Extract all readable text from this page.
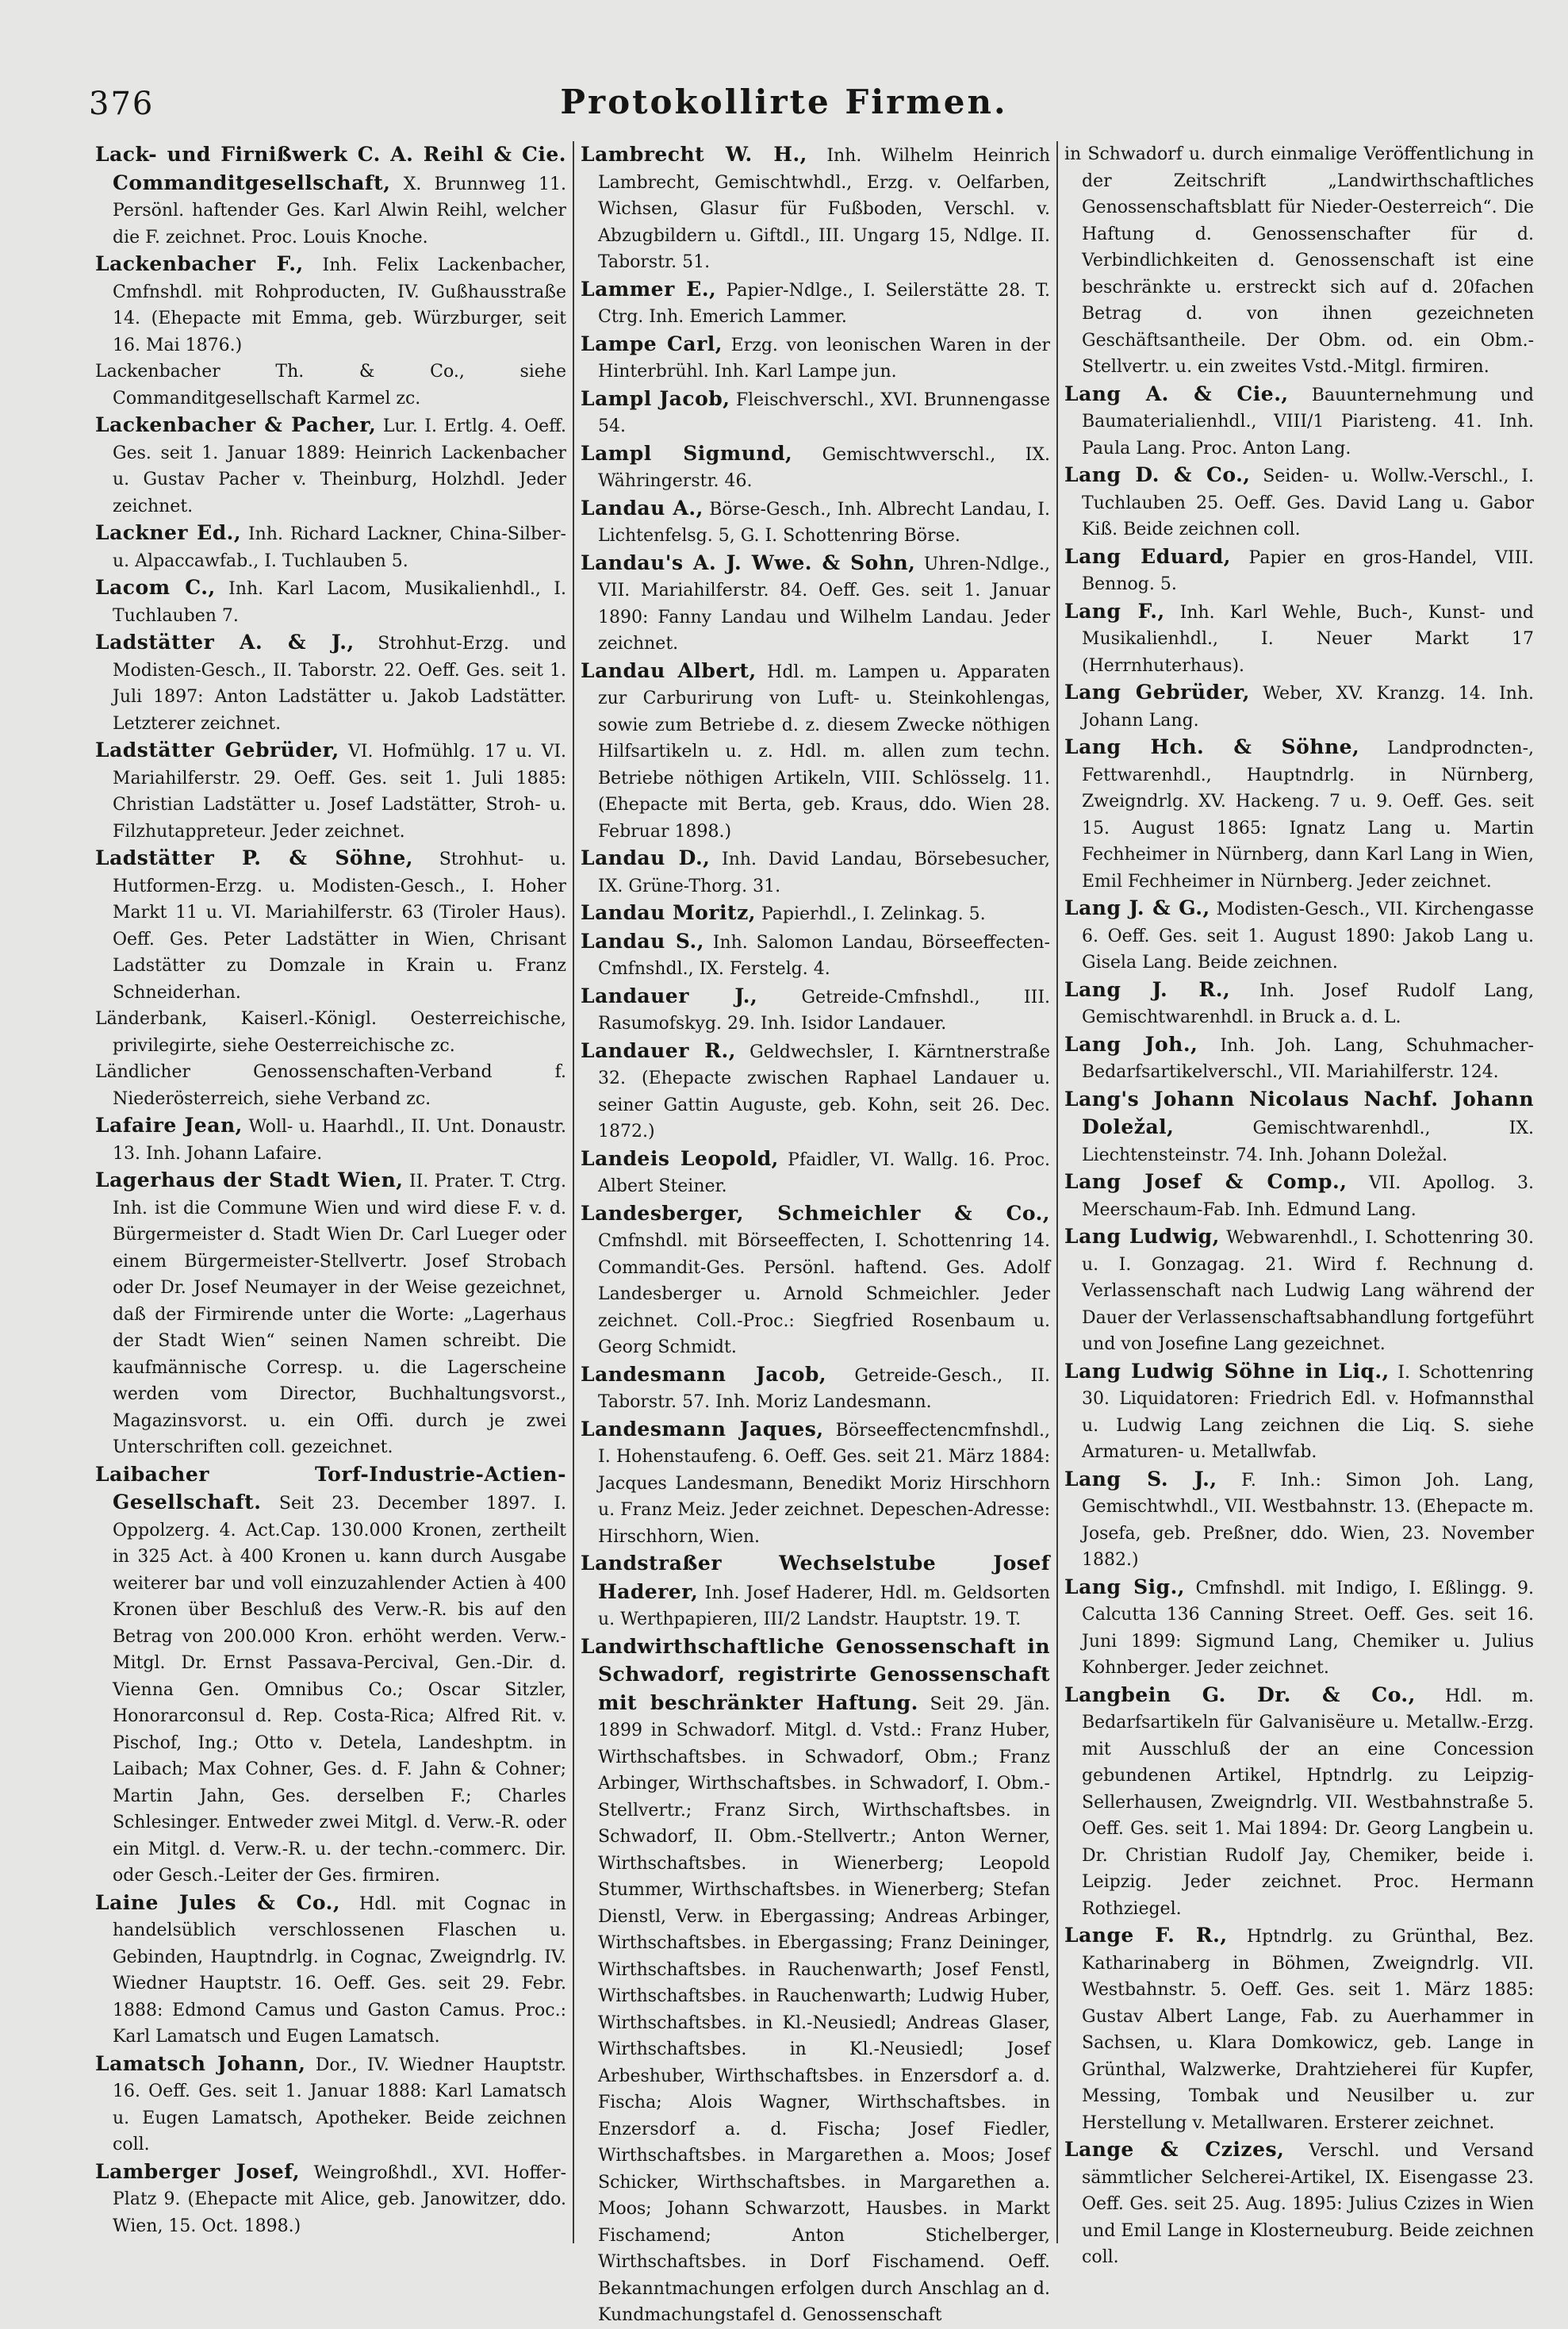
376	Protokollirte Firmen.
Lack- und Firnißwerk C. A. Reihl & Cie. Commanditgesellschaft, X. Brunnweg 11. Persönl. haftender Ges. Karl Alwin Reihl, welcher die F. zeichnet. Proc. Louis Knoche.
Lackenbacher F., Inh. Felix Lackenbacher, Cmfnshdl. mit Rohproducten, IV. Gußhausstraße 14. (Ehepacte mit Emma, geb. Würzburger, seit 16. Mai 1876.)
Lackenbacher Th. & Co., siehe Commanditgesellschaft Karmel zc.
Lackenbacher & Pacher, Lur. I. Ertlg. 4. Oeff. Ges. seit 1. Januar 1889: Heinrich Lackenbacher u. Gustav Pacher v. Theinburg, Holzhdl. Jeder zeichnet.
Lackner Ed., Inh. Richard Lackner, China-Silber- u. Alpaccawfab., I. Tuchlauben 5.
Lacom C., Inh. Karl Lacom, Musikalienhdl., I. Tuchlauben 7.
Ladstätter A. & J., Strohhut-Erzg. und Modisten-Gesch., II. Taborstr. 22. Oeff. Ges. seit 1. Juli 1897: Anton Ladstätter u. Jakob Ladstätter. Letzterer zeichnet.
Ladstätter Gebrüder, VI. Hofmühlg. 17 u. VI. Mariahilferstr. 29. Oeff. Ges. seit 1. Juli 1885: Christian Ladstätter u. Josef Ladstätter, Stroh- u. Filzhutappreteur. Jeder zeichnet.
Ladstätter P. & Söhne, Strohhut- u. Hutformen-Erzg. u. Modisten-Gesch., I. Hoher Markt 11 u. VI. Mariahilferstr. 63 (Tiroler Haus). Oeff. Ges. Peter Ladstätter in Wien, Chrisant Ladstätter zu Domzale in Krain u. Franz Schneiderhan.
Länderbank, Kaiserl.-Königl. Oesterreichische, privilegirte, siehe Oesterreichische zc.
Ländlicher Genossenschaften-Verband f. Niederösterreich, siehe Verband zc.
Lafaire Jean, Woll- u. Haarhdl., II. Unt. Donaustr. 13. Inh. Johann Lafaire.
Lagerhaus der Stadt Wien, II. Prater. T. Ctrg. Inh. ist die Commune Wien und wird diese F. v. d. Bürgermeister d. Stadt Wien Dr. Carl Lueger oder einem Bürgermeister-Stellvertr. Josef Strobach oder Dr. Josef Neumayer in der Weise gezeichnet, daß der Firmirende unter die Worte: „Lagerhaus der Stadt Wien“ seinen Namen schreibt. Die kaufmännische Corresp. u. die Lagerscheine werden vom Director, Buchhaltungsvorst., Magazinsvorst. u. ein Offi. durch je zwei Unterschriften coll. gezeichnet.
Laibacher Torf-Industrie-Actien-Gesellschaft. Seit 23. December 1897. I. Oppolzerg. 4. Act.Cap. 130.000 Kronen, zertheilt in 325 Act. à 400 Kronen u. kann durch Ausgabe weiterer bar und voll einzuzahlender Actien à 400 Kronen über Beschluß des Verw.-R. bis auf den Betrag von 200.000 Kron. erhöht werden. Verw.-Mitgl. Dr. Ernst Passava-Percival, Gen.-Dir. d. Vienna Gen. Omnibus Co.; Oscar Sitzler, Honorarconsul d. Rep. Costa-Rica; Alfred Rit. v. Pischof, Ing.; Otto v. Detela, Landeshptm. in Laibach; Max Cohner, Ges. d. F. Jahn & Cohner; Martin Jahn, Ges. derselben F.; Charles Schlesinger. Entweder zwei Mitgl. d. Verw.-R. oder ein Mitgl. d. Verw.-R. u. der techn.-commerc. Dir. oder Gesch.-Leiter der Ges. firmiren.
Laine Jules & Co., Hdl. mit Cognac in handelsüblich verschlossenen Flaschen u. Gebinden, Hauptndrlg. in Cognac, Zweigndrlg. IV. Wiedner Hauptstr. 16. Oeff. Ges. seit 29. Febr. 1888: Edmond Camus und Gaston Camus. Proc.: Karl Lamatsch und Eugen Lamatsch.
Lamatsch Johann, Dor., IV. Wiedner Hauptstr. 16. Oeff. Ges. seit 1. Januar 1888: Karl Lamatsch u. Eugen Lamatsch, Apotheker. Beide zeichnen coll.
Lamberger Josef, Weingroßhdl., XVI. Hoffer-Platz 9. (Ehepacte mit Alice, geb. Janowitzer, ddo. Wien, 15. Oct. 1898.)
Lambrecht W. H., Inh. Wilhelm Heinrich Lambrecht, Gemischtwhdl., Erzg. v. Oelfarben, Wichsen, Glasur für Fußboden, Verschl. v. Abzugbildern u. Giftdl., III. Ungarg 15, Ndlge. II. Taborstr. 51.
Lammer E., Papier-Ndlge., I. Seilerstätte 28. T. Ctrg. Inh. Emerich Lammer.
Lampe Carl, Erzg. von leonischen Waren in der Hinterbrühl. Inh. Karl Lampe jun.
Lampl Jacob, Fleischverschl., XVI. Brunnengasse 54.
Lampl Sigmund, Gemischtwverschl., IX. Währingerstr. 46.
Landau A., Börse-Gesch., Inh. Albrecht Landau, I. Lichtenfelsg. 5, G. I. Schottenring Börse.
Landau's A. J. Wwe. & Sohn, Uhren-Ndlge., VII. Mariahilferstr. 84. Oeff. Ges. seit 1. Januar 1890: Fanny Landau und Wilhelm Landau. Jeder zeichnet.
Landau Albert, Hdl. m. Lampen u. Apparaten zur Carburirung von Luft- u. Steinkohlengas, sowie zum Betriebe d. z. diesem Zwecke nöthigen Hilfsartikeln u. z. Hdl. m. allen zum techn. Betriebe nöthigen Artikeln, VIII. Schlösselg. 11. (Ehepacte mit Berta, geb. Kraus, ddo. Wien 28. Februar 1898.)
Landau D., Inh. David Landau, Börsebesucher, IX. Grüne-Thorg. 31.
Landau Moritz, Papierhdl., I. Zelinkag. 5.
Landau S., Inh. Salomon Landau, Börseeffecten-Cmfnshdl., IX. Ferstelg. 4.
Landauer J.,	Getreide-Cmfnshdl., III. Rasumofskyg. 29. Inh. Isidor Landauer.
Landauer R., Geldwechsler, I. Kärntnerstraße 32. (Ehepacte zwischen Raphael Landauer u. seiner Gattin Auguste, geb. Kohn, seit 26. Dec. 1872.)
Landeis Leopold, Pfaidler, VI. Wallg. 16. Proc. Albert Steiner.
Landesberger, Schmeichler & Co., Cmfnshdl. mit Börseeffecten, I. Schottenring 14. Commandit-Ges. Persönl. haftend. Ges. Adolf Landesberger u. Arnold Schmeichler. Jeder zeichnet. Coll.-Proc.: Siegfried Rosenbaum u. Georg Schmidt.
Landesmann Jacob, Getreide-Gesch., II. Taborstr. 57. Inh. Moriz Landesmann.
Landesmann Jaques, Börseeffectencmfnshdl., I. Hohenstaufeng. 6. Oeff. Ges. seit 21. März 1884: Jacques Landesmann, Benedikt Moriz Hirschhorn u. Franz Meiz. Jeder zeichnet. Depeschen-Adresse: Hirschhorn, Wien.
Landstraßer Wechselstube Josef Haderer, Inh. Josef Haderer, Hdl. m. Geldsorten u. Werthpapieren, III/2 Landstr. Hauptstr. 19. T.
Landwirthschaftliche Genossenschaft in Schwadorf, registrirte Genossenschaft mit beschränkter Haftung. Seit 29. Jän. 1899 in Schwadorf. Mitgl. d. Vstd.: Franz Huber, Wirthschaftsbes. in Schwadorf, Obm.; Franz Arbinger, Wirthschaftsbes. in Schwadorf, I. Obm.-Stellvertr.; Franz Sirch, Wirthschaftsbes. in Schwadorf, II. Obm.-Stellvertr.; Anton Werner, Wirthschaftsbes. in Wienerberg; Leopold Stummer, Wirthschaftsbes. in Wienerberg; Stefan Dienstl, Verw. in Ebergassing; Andreas Arbinger, Wirthschaftsbes. in Ebergassing; Franz Deininger, Wirthschaftsbes. in Rauchenwarth; Josef Fenstl, Wirthschaftsbes. in Rauchenwarth; Ludwig Huber, Wirthschaftsbes. in Kl.-Neusiedl; Andreas Glaser, Wirthschaftsbes. in Kl.-Neusiedl; Josef Arbeshuber, Wirthschaftsbes. in Enzersdorf a. d. Fischa; Alois Wagner, Wirthschaftsbes. in Enzersdorf a. d. Fischa; Josef Fiedler, Wirthschaftsbes. in Margarethen a. Moos; Josef Schicker, Wirthschaftsbes. in Margarethen a. Moos; Johann Schwarzott, Hausbes. in Markt Fischamend; Anton Stichelberger, Wirthschaftsbes. in Dorf Fischamend. Oeff. Bekanntmachungen erfolgen durch Anschlag an d. Kundmachungstafel d. Genossenschaft
in Schwadorf u. durch einmalige Veröffentlichung in der Zeitschrift „Landwirthschaftliches Genossenschaftsblatt für Nieder-Oesterreich“. Die Haftung d. Genossenschafter für d. Verbindlichkeiten d. Genossenschaft ist eine beschränkte u. erstreckt sich auf d. 20fachen Betrag d. von ihnen gezeichneten Geschäftsantheile. Der Obm. od. ein Obm.-Stellvertr. u. ein zweites Vstd.-Mitgl. firmiren.
Lang A. & Cie., Bauunternehmung und Baumaterialienhdl., VIII/1 Piaristeng. 41. Inh. Paula Lang. Proc. Anton Lang.
Lang D. & Co., Seiden- u. Wollw.-Verschl., I. Tuchlauben 25. Oeff. Ges. David Lang u. Gabor Kiß. Beide zeichnen coll.
Lang Eduard, Papier en gros-Handel, VIII. Bennog. 5.
Lang F., Inh. Karl Wehle, Buch-, Kunst- und Musikalienhdl., I. Neuer Markt 17 (Herrnhuterhaus).
Lang Gebrüder, Weber, XV. Kranzg. 14. Inh. Johann Lang.
Lang Hch. & Söhne, Landprodncten-, Fettwarenhdl., Hauptndrlg. in Nürnberg, Zweigndrlg. XV. Hackeng. 7 u. 9. Oeff. Ges. seit 15. August 1865: Ignatz Lang u. Martin Fechheimer in Nürnberg, dann Karl Lang in Wien, Emil Fechheimer in Nürnberg. Jeder zeichnet.
Lang J. & G., Modisten-Gesch., VII. Kirchengasse 6. Oeff. Ges. seit 1. August 1890: Jakob Lang u. Gisela Lang. Beide zeichnen.
Lang J. R., Inh. Josef Rudolf Lang, Gemischtwarenhdl. in Bruck a. d. L.
Lang Joh., Inh. Joh. Lang, Schuhmacher-Bedarfsartikelverschl., VII. Mariahilferstr. 124.
Lang's Johann Nicolaus Nachf. Johann Doležal,	Gemischtwarenhdl., IX. Liechtensteinstr. 74. Inh. Johann Doležal.
Lang Josef & Comp., VII. Apollog. 3. Meerschaum-Fab. Inh. Edmund Lang.
Lang Ludwig, Webwarenhdl., I. Schottenring 30. u. I. Gonzagag. 21. Wird f. Rechnung d. Verlassenschaft nach Ludwig Lang während der Dauer der Verlassenschaftsabhandlung fortgeführt und von Josefine Lang gezeichnet.
Lang Ludwig Söhne in Liq., I. Schottenring 30. Liquidatoren: Friedrich Edl. v. Hofmannsthal u. Ludwig Lang zeichnen die Liq. S. siehe Armaturen- u. Metallwfab.
Lang S. J., F. Inh.: Simon Joh. Lang, Gemischtwhdl., VII. Westbahnstr. 13. (Ehepacte m. Josefa, geb. Preßner, ddo. Wien, 23. November 1882.)
Lang Sig., Cmfnshdl. mit Indigo, I. Eßlingg. 9. Calcutta 136 Canning Street. Oeff. Ges. seit 16. Juni 1899: Sigmund Lang, Chemiker u. Julius Kohnberger. Jeder zeichnet.
Langbein G. Dr. & Co., Hdl. m. Bedarfsartikeln für Galvanisëure u. Metallw.-Erzg. mit Ausschluß der an eine Concession gebundenen Artikel, Hptndrlg. zu Leipzig-Sellerhausen, Zweigndrlg. VII. Westbahnstraße 5. Oeff. Ges. seit 1. Mai 1894: Dr. Georg Langbein u. Dr. Christian Rudolf Jay, Chemiker, beide i. Leipzig. Jeder zeichnet. Proc. Hermann Rothziegel.
Lange F. R., Hptndrlg. zu Grünthal, Bez. Katharinaberg in Böhmen, Zweigndrlg. VII. Westbahnstr. 5. Oeff. Ges. seit 1. März 1885: Gustav Albert Lange, Fab. zu Auerhammer in Sachsen, u. Klara Domkowicz, geb. Lange in Grünthal, Walzwerke, Drahtzieherei für Kupfer, Messing, Tombak und Neusilber u. zur Herstellung v. Metallwaren. Ersterer zeichnet.
Lange & Czizes, Verschl. und Versand sämmtlicher Selcherei-Artikel, IX. Eisengasse 23. Oeff. Ges. seit 25. Aug. 1895: Julius Czizes in Wien und Emil Lange in Klosterneuburg. Beide zeichnen coll.
